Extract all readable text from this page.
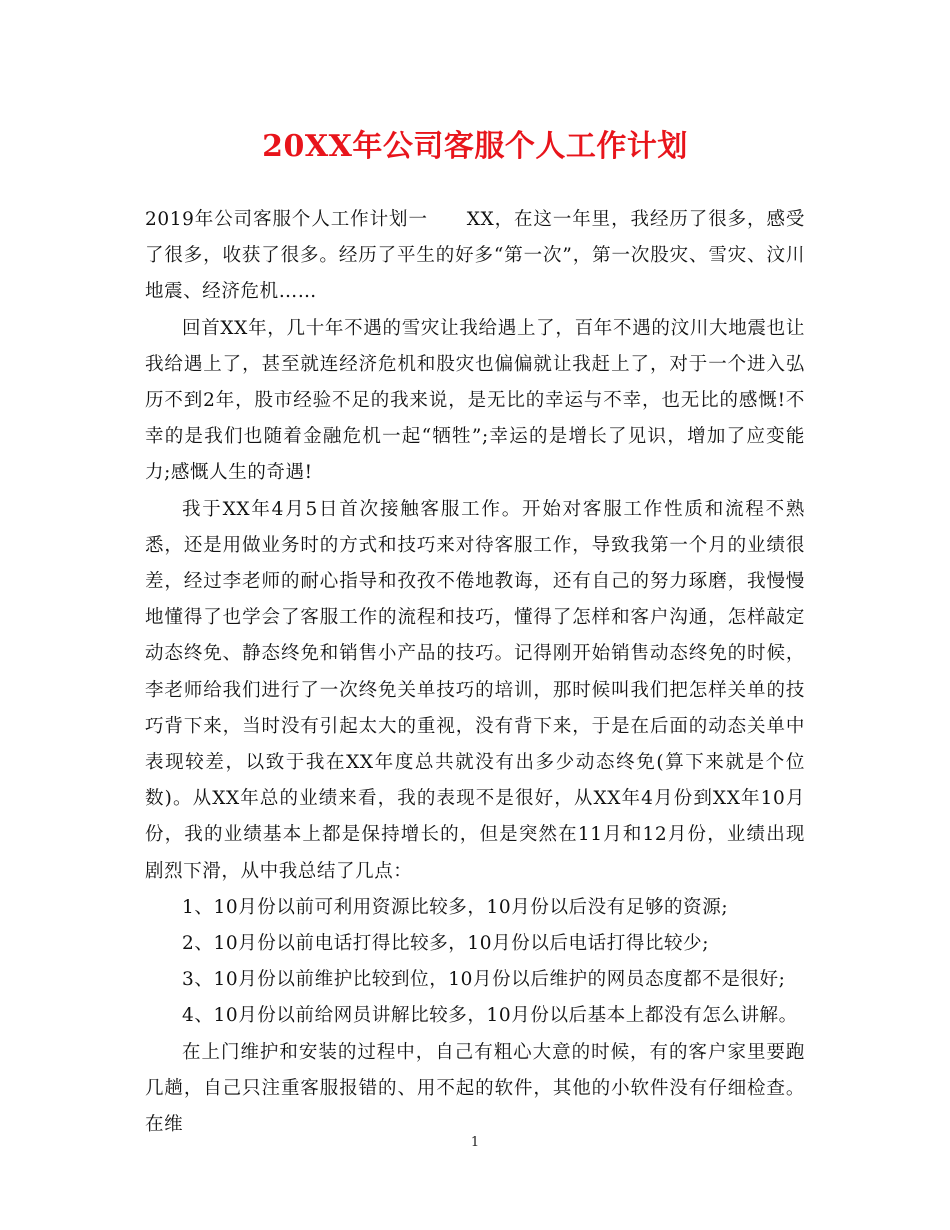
20XX年公司客服个人工作计划

2019年公司客服个人工作计划一　　XX，在这一年里，我经历了很多，感受了很多，收获了很多。经历了平生的好多“第一次”，第一次股灾、雪灾、汶川地震、经济危机……

回首XX年，几十年不遇的雪灾让我给遇上了，百年不遇的汶川大地震也让我给遇上了，甚至就连经济危机和股灾也偏偏就让我赶上了，对于一个进入弘历不到2年，股市经验不足的我来说，是无比的幸运与不幸，也无比的感慨!不幸的是我们也随着金融危机一起“牺牲”;幸运的是增长了见识，增加了应变能力;感慨人生的奇遇!

我于XX年4月5日首次接触客服工作。开始对客服工作性质和流程不熟悉，还是用做业务时的方式和技巧来对待客服工作，导致我第一个月的业绩很差，经过李老师的耐心指导和孜孜不倦地教诲，还有自己的努力琢磨，我慢慢地懂得了也学会了客服工作的流程和技巧，懂得了怎样和客户沟通，怎样敲定动态终免、静态终免和销售小产品的技巧。记得刚开始销售动态终免的时候，李老师给我们进行了一次终免关单技巧的培训，那时候叫我们把怎样关单的技巧背下来，当时没有引起太大的重视，没有背下来，于是在后面的动态关单中表现较差，以致于我在XX年度总共就没有出多少动态终免(算下来就是个位数)。从XX年总的业绩来看，我的表现不是很好，从XX年4月份到XX年10月份，我的业绩基本上都是保持增长的，但是突然在11月和12月份，业绩出现剧烈下滑，从中我总结了几点：

1、10月份以前可利用资源比较多，10月份以后没有足够的资源;

2、10月份以前电话打得比较多，10月份以后电话打得比较少;

3、10月份以前维护比较到位，10月份以后维护的网员态度都不是很好;

4、10月份以前给网员讲解比较多，10月份以后基本上都没有怎么讲解。

在上门维护和安装的过程中，自己有粗心大意的时候，有的客户家里要跑几趟，自己只注重客服报错的、用不起的软件，其他的小软件没有仔细检查。在维

1
